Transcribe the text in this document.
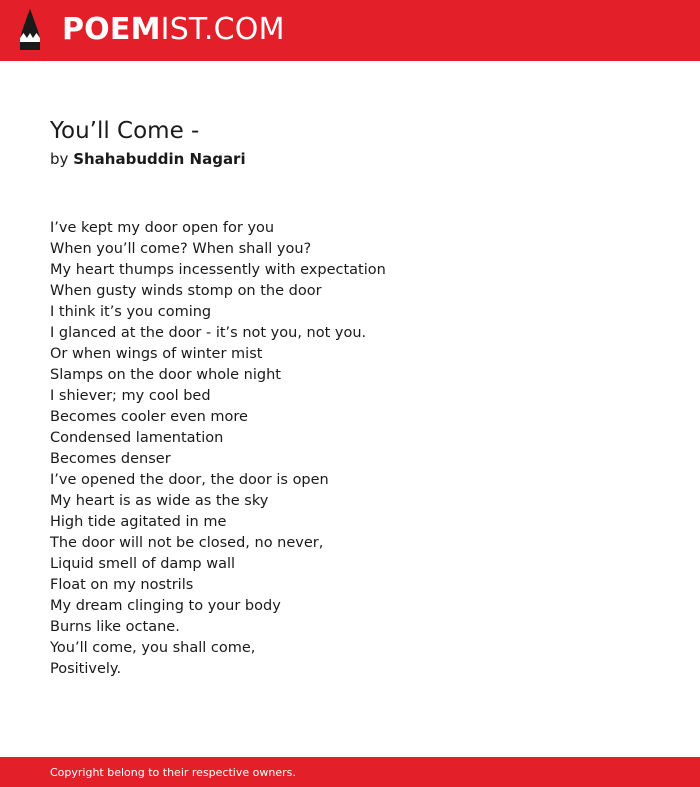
POEMIST.COM
You’ll Come -
by Shahabuddin Nagari
I’ve kept my door open for you
When you’ll come? When shall you?
My heart thumps incessently with expectation
When gusty winds stomp on the door
I think it’s you coming
I glanced at the door - it’s not you, not you.
Or when wings of winter mist
Slamps on the door whole night
I shiever; my cool bed
Becomes cooler even more
Condensed lamentation
Becomes denser
I’ve opened the door, the door is open
My heart is as wide as the sky
High tide agitated in me
The door will not be closed, no never,
Liquid smell of damp wall
Float on my nostrils
My dream clinging to your body
Burns like octane.
You’ll come, you shall come,
Positively.
Copyright belong to their respective owners.
